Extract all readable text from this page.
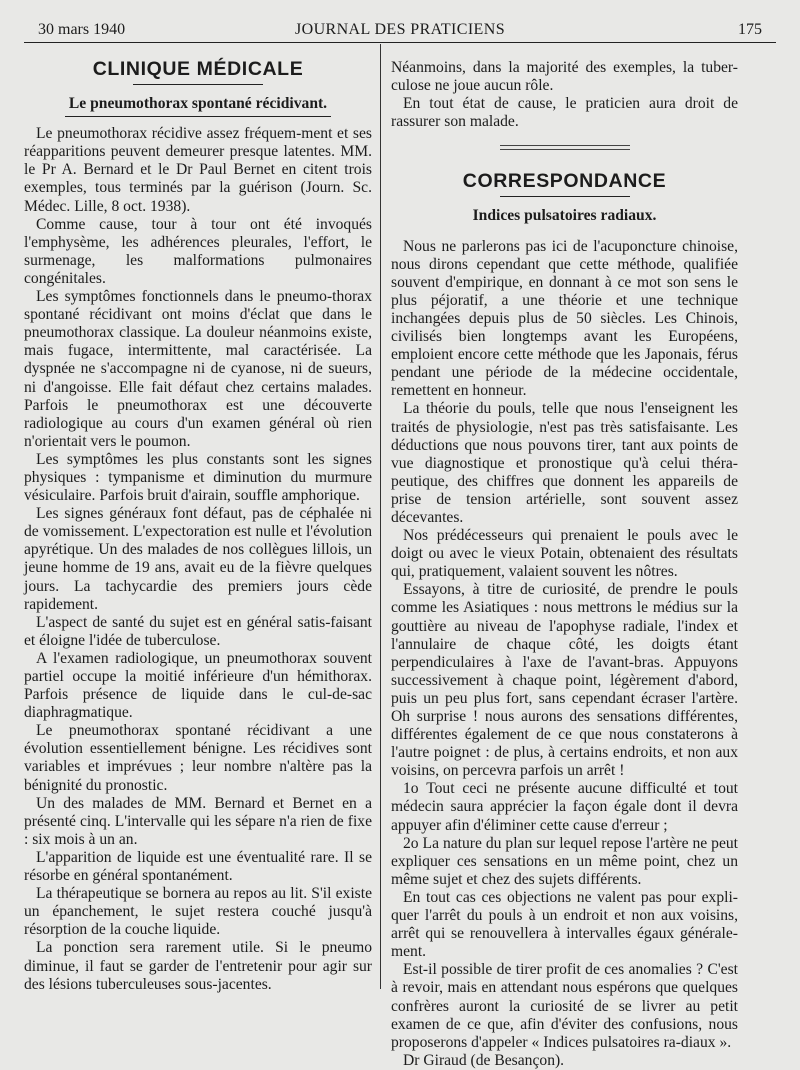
30 mars 1940	JOURNAL DES PRATICIENS	175
CLINIQUE MÉDICALE
Le pneumothorax spontané récidivant.

Le pneumothorax récidive assez fréquem-ment et ses réapparitions peuvent demeurer presque latentes. MM. le Pr A. Bernard et le Dr Paul Bernet en citent trois exemples, tous terminés par la guérison (Journ. Sc. Médec. Lille, 8 oct. 1938).

Comme cause, tour à tour ont été invoqués l'emphysème, les adhérences pleurales, l'effort, le surmenage, les malformations pulmonaires congénitales.

Les symptômes fonctionnels dans le pneumo-thorax spontané récidivant ont moins d'éclat que dans le pneumothorax classique. La douleur néanmoins existe, mais fugace, intermittente, mal caractérisée. La dyspnée ne s'accompagne ni de cyanose, ni de sueurs, ni d'angoisse. Elle fait défaut chez certains malades. Parfois le pneumothorax est une découverte radiologique au cours d'un examen général où rien n'orientait vers le poumon.

Les symptômes les plus constants sont les signes physiques : tympanisme et diminution du murmure vésiculaire. Parfois bruit d'airain, souffle amphorique.

Les signes généraux font défaut, pas de céphalée ni de vomissement. L'expectoration est nulle et l'évolution apyrétique. Un des malades de nos collègues lillois, un jeune homme de 19 ans, avait eu de la fièvre quelques jours. La tachycardie des premiers jours cède rapidement.

L'aspect de santé du sujet est en général satis-faisant et éloigne l'idée de tuberculose.

A l'examen radiologique, un pneumothorax souvent partiel occupe la moitié inférieure d'un hémithorax. Parfois présence de liquide dans le cul-de-sac diaphragmatique.

Le pneumothorax spontané récidivant a une évolution essentiellement bénigne. Les récidives sont variables et imprévues ; leur nombre n'altère pas la bénignité du pronostic.

Un des malades de MM. Bernard et Bernet en a présenté cinq. L'intervalle qui les sépare n'a rien de fixe : six mois à un an.

L'apparition de liquide est une éventualité rare. Il se résorbe en général spontanément.

La thérapeutique se bornera au repos au lit. S'il existe un épanchement, le sujet restera couché jusqu'à résorption de la couche liquide.

La ponction sera rarement utile. Si le pneumo diminue, il faut se garder de l'entretenir pour agir sur des lésions tuberculeuses sous-jacentes.

Néanmoins, dans la majorité des exemples, la tuber-culose ne joue aucun rôle.

En tout état de cause, le praticien aura droit de rassurer son malade.

CORRESPONDANCE
Indices pulsatoires radiaux.

Nous ne parlerons pas ici de l'acuponcture chinoise, nous dirons cependant que cette méthode, qualifiée souvent d'empirique, en donnant à ce mot son sens le plus péjoratif, a une théorie et une technique inchangées depuis plus de 50 siècles. Les Chinois, civilisés bien longtemps avant les Européens, emploient encore cette méthode que les Japonais, férus pendant une période de la médecine occidentale, remettent en honneur.

La théorie du pouls, telle que nous l'enseignent les traités de physiologie, n'est pas très satisfaisante. Les déductions que nous pouvons tirer, tant aux points de vue diagnostique et pronostique qu'à celui théra-peutique, des chiffres que donnent les appareils de prise de tension artérielle, sont souvent assez décevantes.

Nos prédécesseurs qui prenaient le pouls avec le doigt ou avec le vieux Potain, obtenaient des résultats qui, pratiquement, valaient souvent les nôtres.

Essayons, à titre de curiosité, de prendre le pouls comme les Asiatiques : nous mettrons le médius sur la gouttière au niveau de l'apophyse radiale, l'index et l'annulaire de chaque côté, les doigts étant perpendiculaires à l'axe de l'avant-bras. Appuyons successivement à chaque point, légèrement d'abord, puis un peu plus fort, sans cependant écraser l'artère. Oh surprise ! nous aurons des sensations différentes, différentes également de ce que nous constaterons à l'autre poignet : de plus, à certains endroits, et non aux voisins, on percevra parfois un arrêt !

1o Tout ceci ne présente aucune difficulté et tout médecin saura apprécier la façon égale dont il devra appuyer afin d'éliminer cette cause d'erreur ;

2o La nature du plan sur lequel repose l'artère ne peut expliquer ces sensations en un même point, chez un même sujet et chez des sujets différents.

En tout cas ces objections ne valent pas pour expli-quer l'arrêt du pouls à un endroit et non aux voisins, arrêt qui se renouvellera à intervalles égaux générale-ment.

Est-il possible de tirer profit de ces anomalies ? C'est à revoir, mais en attendant nous espérons que quelques confrères auront la curiosité de se livrer au petit examen de ce que, afin d'éviter des confusions, nous proposerons d'appeler « Indices pulsatoires ra-diaux ».

Dr Giraud (de Besançon).
